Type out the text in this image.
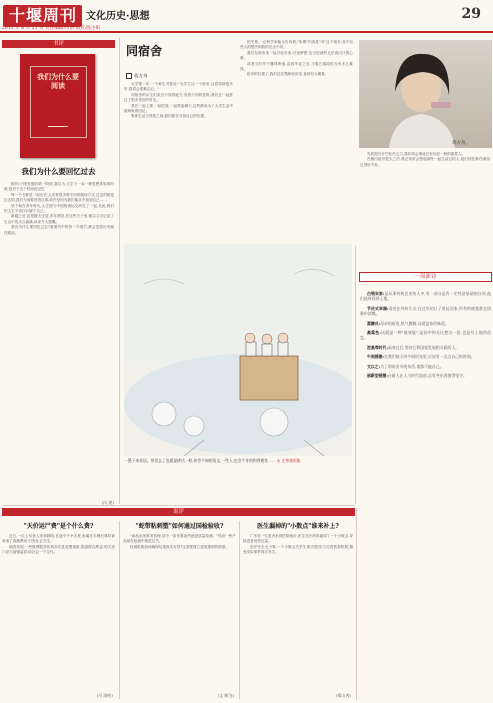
十堰周刊 文化历史·思想
2013 年 6 月 21 日 责任编辑:肖洁 版式:陈小娟
29
书评
我们为什么要阅读
我们为什么要回忆过去

顾开(子阳发展的第一阶段,我以为,文字下一本一种思想体验的时候,是对于这个时间的记忆

每一个书都是一部历史,人们有很多种不同的阅读方式,过去的就是过去的,我们为何要回首往事,或许是因为我们能从中找到自己……

读下和在青年时代,人生便与中国的命运交织在了一起,从此,我们的人生不再仅仅属于自己。

新婚之后,宣是随夫迁居,多年漂泊,在这些日子里,她以文字记录了生活中的点点滴滴,读来令人感慨。

我们为什么要回忆过去?看着书中的每一个细节,都会觉得历史就在眼前。

(冯 建)
同宿舍
蒋方舟

大学第一年,一个师生对我说:"大学生活一个宿舍,这将持续很多年,我将会很难忘记。"

同宿舍的女生们来自不同的地方,有着不同的性格,我们在一起度过了很多美好的时光。

我们一起上课,一起吃饭,一起熬夜聊天,这些都成为了大学生活中最珍贵的回忆。

集体生活与孤独之间,我们都在寻找自己的位置。

的关系,一边科学家能为告诉我,"所谓"内容是"对"这个宿舍,其中有些人的想法和我的完全不同。

我们在宿舍里一起讨论未来,讨论梦想,也讨论那些无法说出口的心事。

或者当时并不懂得珍惜,直到毕业之后,才明白那段时光有多么难得。

宿舍的灯熄了,我们还在黑暗里说话,直到有人睡着。

蒋方舟。

先机提引开约化作云力,我们却会事成总有比较一般的重要人。

在搬出宿舍很久之后,我还常常会想起那些一起生活过的人,她们现在都在哪里,过得好不好。

一墨子来英语。但话去了也就是拼话一样,你会不知的语文,一些人,也会不许的和我相处…… ◎ 尤寒漫画集
一周新诗

白领朱家:是从事有机农业的人中,有一部分是有一定经济基础的白领,他们选择回到土地。

节庆式幸福:雨夜在外的儿女,在过年的日子里赶回家,所有的疲惫都在团聚中消散。

蒸腾式:母亲的厨房,热气腾腾,这就是家的味道。

高粱色:这就是一种"低效能",是因中和无比想这一思,也是对土地的依恋。

泥高寿时代:高寿过后,等待它和国家发展相关联的人。

午间摇摆:在我们每天的午间时光里,应该有一点点自己的时间。

文以之:为了别说更多的东西,谁都不能自己。

部新型摇摆:在新人在人与时代面前,总有些东西值得坚守。

说评
"天价运尸费"是个什么费?

近日,一位七旬老人来到郧阳,在途中不幸去世,家属在办理后事时被收取了高额费用,引发社会关注。

调查发现,一些殡葬服务机构存在乱收费现象,损害群众利益,相关部门应当加强监管,给社会一个交代。

(马 涛明)
"蛇带粘刺塑"如何通过国检验收?

"商品出现事务管理,其中一条首要条件就是质量检测。"然而一些产品却在检测中蒙混过关。

检测机构如何确保结果真实可信?这需要建立更加透明的制度。

(文 敏飞)
医生漏掉的"小数点"谁来补上?

广东有一位患者来到医院就诊,医生在开药时漏掉了一个小数点,导致患者用药过量。

医疗安全无小事,一个小数点关乎生命,医院应当完善核查机制,避免类似事件再次发生。

(郑山秀)
